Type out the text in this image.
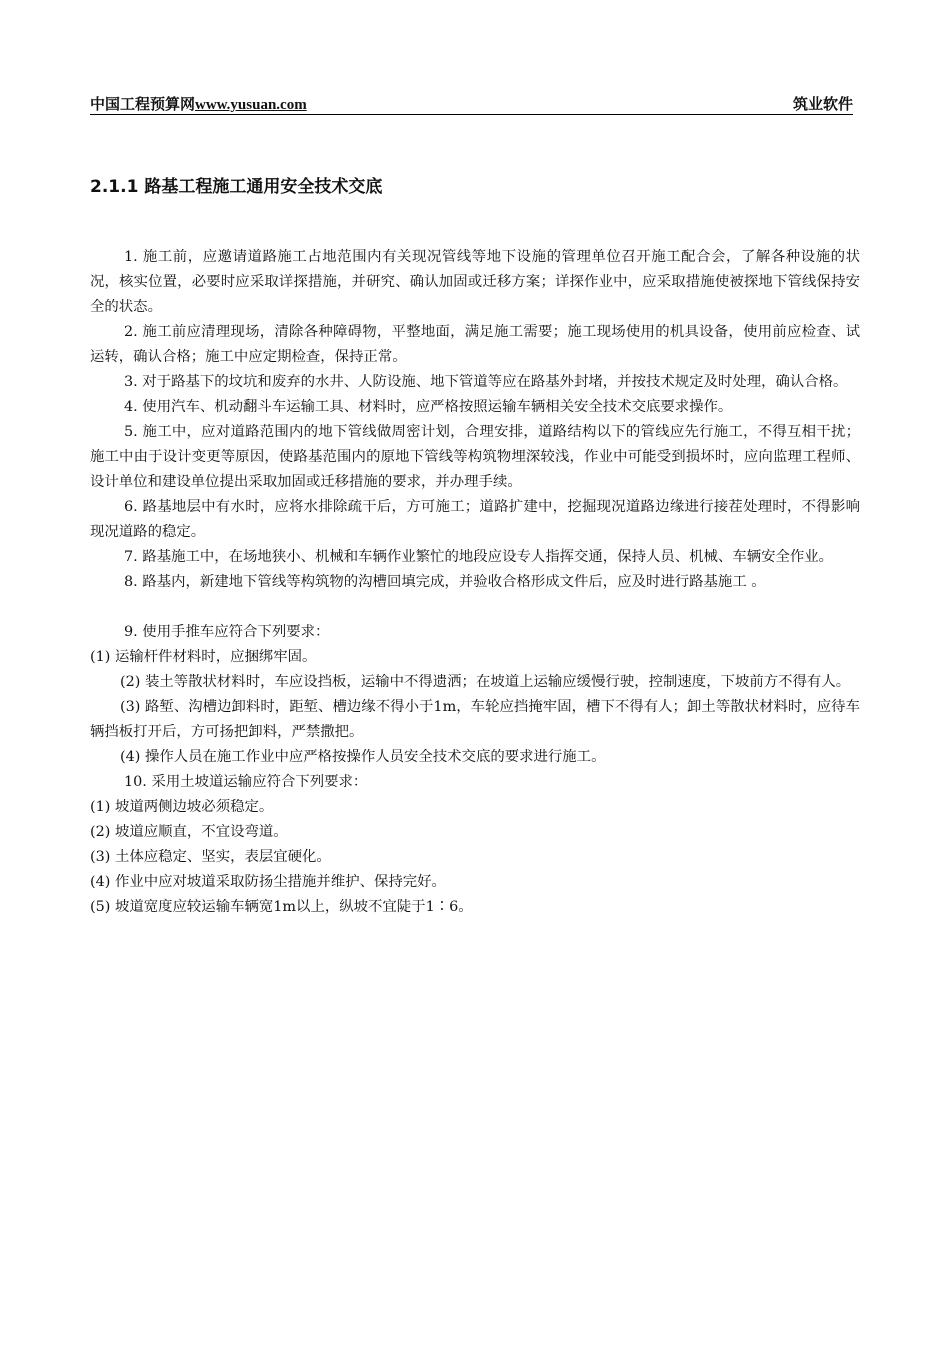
中国工程预算网www.yusuan.com	筑业软件
2.1.1 路基工程施工通用安全技术交底

1. 施工前，应邀请道路施工占地范围内有关现况管线等地下设施的管理单位召开施工配合会，了解各种设施的状况，核实位置，必要时应采取详探措施，并研究、确认加固或迁移方案；详探作业中，应采取措施使被探地下管线保持安全的状态。

2. 施工前应清理现场，清除各种障碍物，平整地面，满足施工需要；施工现场使用的机具设备，使用前应检查、试运转，确认合格；施工中应定期检查，保持正常。

3. 对于路基下的坟坑和废弃的水井、人防设施、地下管道等应在路基外封堵，并按技术规定及时处理，确认合格。

4. 使用汽车、机动翻斗车运输工具、材料时，应严格按照运输车辆相关安全技术交底要求操作。

5. 施工中，应对道路范围内的地下管线做周密计划，合理安排，道路结构以下的管线应先行施工，不得互相干扰；施工中由于设计变更等原因，使路基范围内的原地下管线等构筑物埋深较浅，作业中可能受到损坏时，应向监理工程师、设计单位和建设单位提出采取加固或迁移措施的要求，并办理手续。

6. 路基地层中有水时，应将水排除疏干后，方可施工；道路扩建中，挖掘现况道路边缘进行接茬处理时，不得影响现况道路的稳定。

7. 路基施工中，在场地狭小、机械和车辆作业繁忙的地段应设专人指挥交通，保持人员、机械、车辆安全作业。

8. 路基内，新建地下管线等构筑物的沟槽回填完成，并验收合格形成文件后，应及时进行路基施工 。

9. 使用手推车应符合下列要求：

(1) 运输杆件材料时，应捆绑牢固。

(2) 装土等散状材料时，车应设挡板，运输中不得遗洒；在坡道上运输应缓慢行驶，控制速度，下坡前方不得有人。

(3) 路堑、沟槽边卸料时，距堑、槽边缘不得小于1m，车轮应挡掩牢固，槽下不得有人；卸土等散状材料时，应待车辆挡板打开后，方可扬把卸料，严禁撒把。

(4) 操作人员在施工作业中应严格按操作人员安全技术交底的要求进行施工。

10. 采用土坡道运输应符合下列要求：

(1) 坡道两侧边坡必须稳定。

(2) 坡道应顺直，不宜设弯道。

(3) 土体应稳定、坚实，表层宜硬化。

(4) 作业中应对坡道采取防扬尘措施并维护、保持完好。

(5) 坡道宽度应较运输车辆宽1m以上，纵坡不宜陡于1∶6。
